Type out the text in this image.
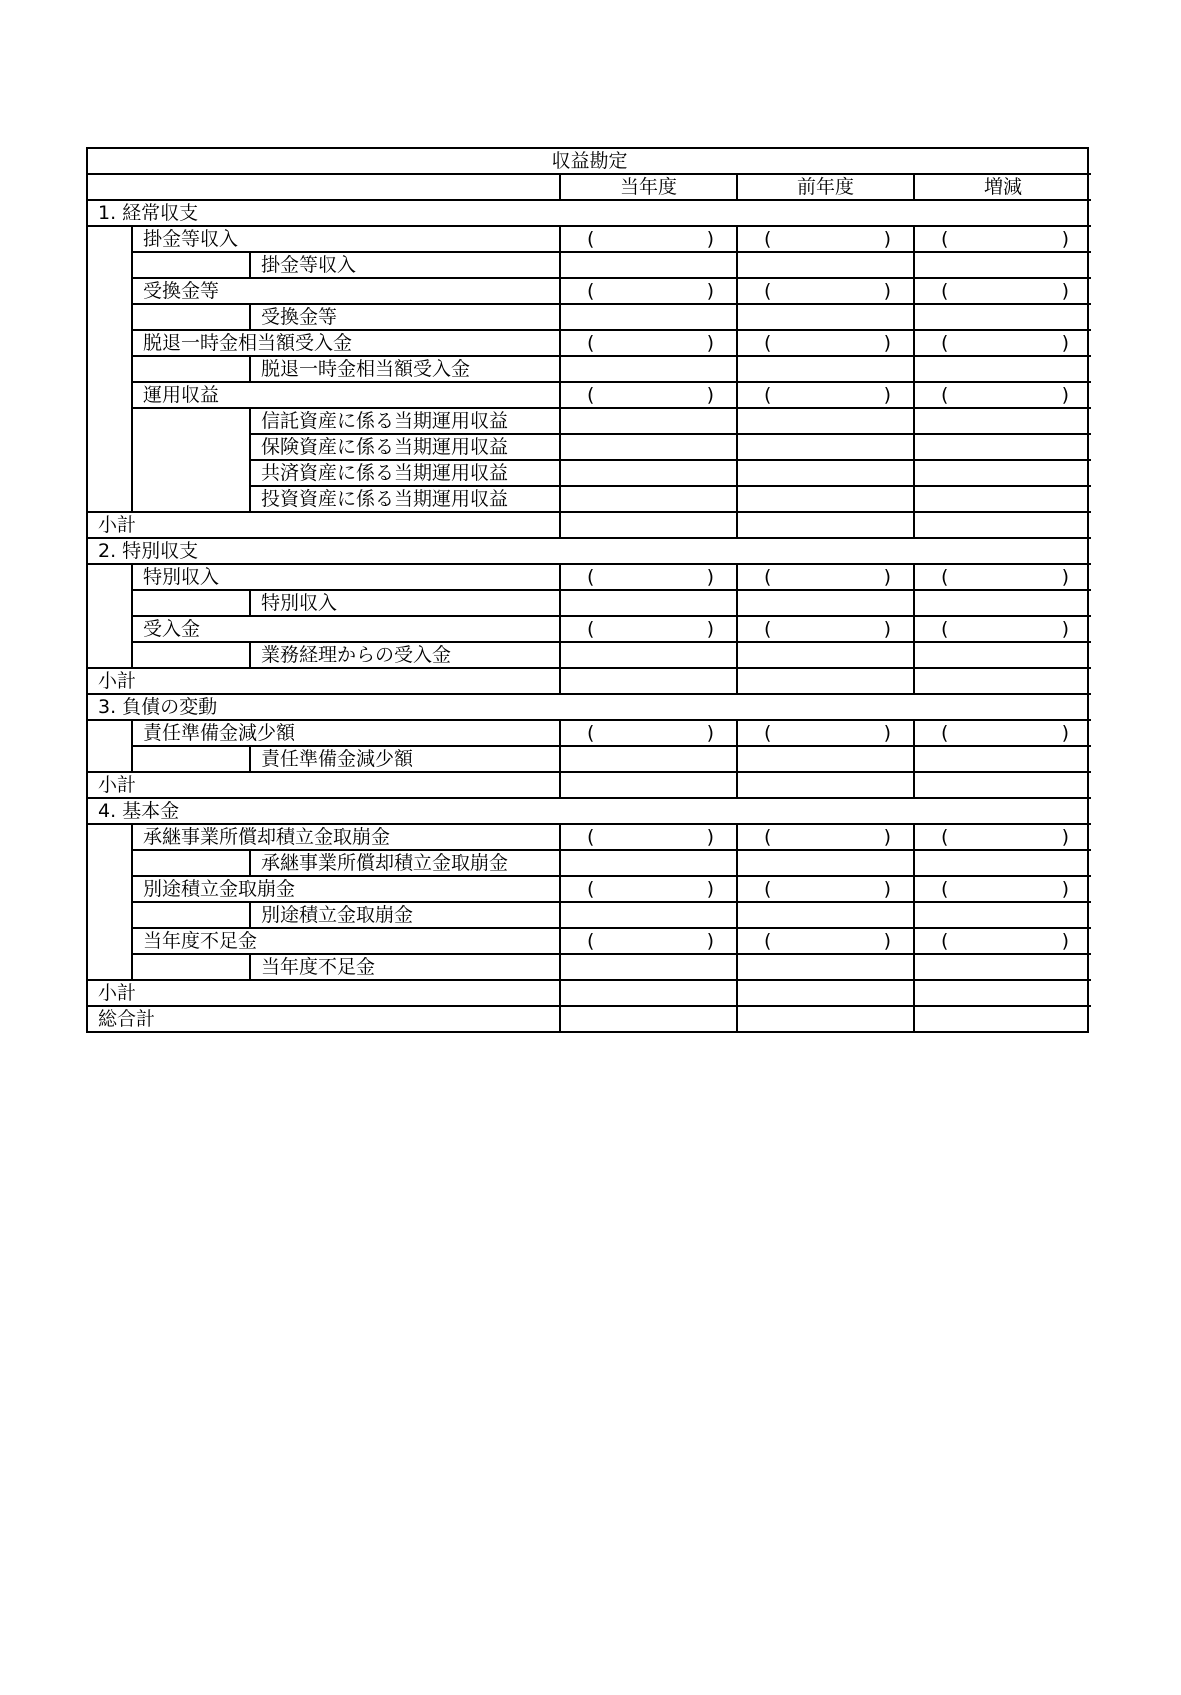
収益勘定					
			当年度	前年度	増減
1. 経常収支					
	掛金等収入		( )	( )	( )

		掛金等収入			
	受換金等		( )	( )	( )

		受換金等			
	脱退一時金相当額受入金		( )	( )	( )

		脱退一時金相当額受入金			
	運用収益		( )	( )	( )

		信託資産に係る当期運用収益			
		保険資産に係る当期運用収益			
		共済資産に係る当期運用収益			
		投資資産に係る当期運用収益			
小計					
2. 特別収支					
	特別収入		( )	( )	( )

		特別収入			
	受入金		( )	( )	( )

		業務経理からの受入金			
小計					
3. 負債の変動					
	責任準備金減少額		( )	( )	( )

		責任準備金減少額			
小計					
4. 基本金					
	承継事業所償却積立金取崩金		( )	( )	( )

		承継事業所償却積立金取崩金			
	別途積立金取崩金		( )	( )	( )

		別途積立金取崩金			
	当年度不足金		( )	( )	( )

		当年度不足金			
小計					
総合計					
